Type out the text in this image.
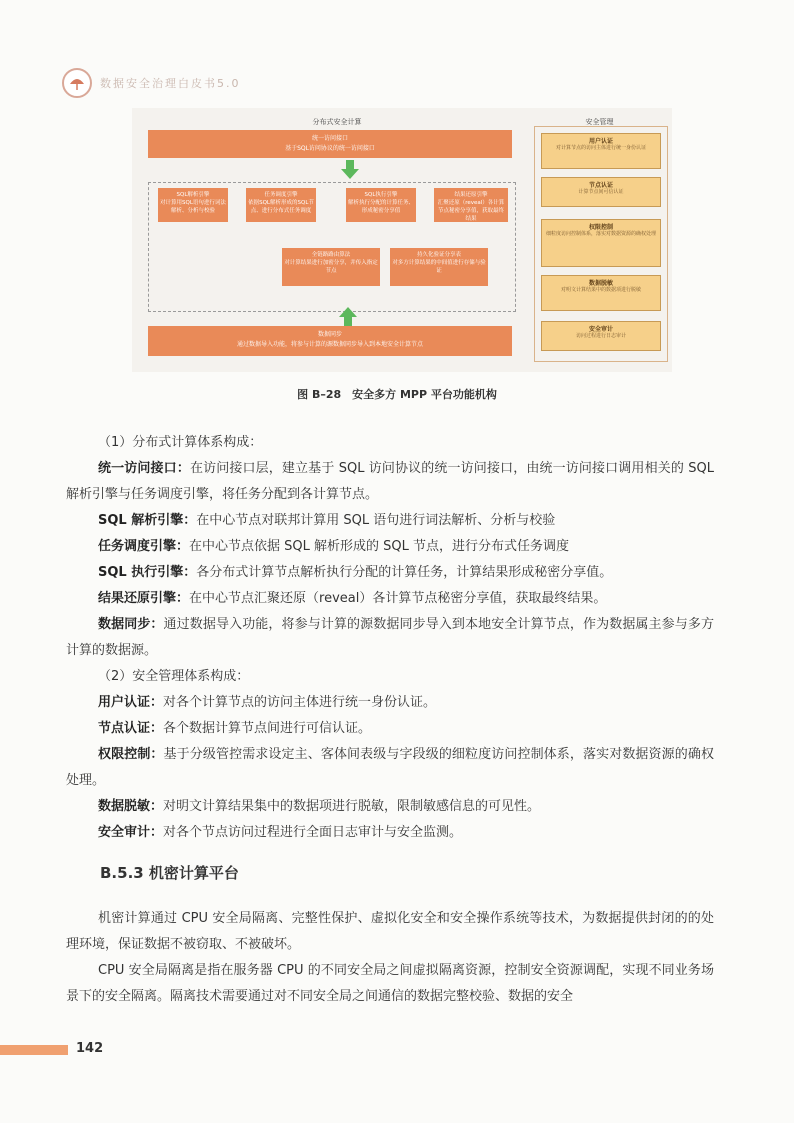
数据安全治理白皮书5.0
分布式安全计算	安全管理
统一访问接口
基于SQL访问协议的统一访问接口
SQL解析引擎
对计算用SQL语句进行词法解析、分析与校验
任务调度引擎
依据SQL解析形成的SQL节点、进行分布式任务调度
SQL执行引擎
解析执行分配的计算任务、形成秘密分享值
结果还原引擎
汇聚还原（reveal）各计算节点秘密分享值，获取最终结果
全链路路由算法
对计算结果进行加密分享，并传入指定节点
持久化验证分享表
对多方计算结果的中间值进行存储与验证
数据同步
通过数据导入功能，将参与计算的源数据同步导入到本地安全计算节点
用户认证
对计算节点的访问主体进行统一身份认证
节点认证
计算节点间可信认证
权限控制
细粒度访问控制体系，落实对数据资源的确权处理
数据脱敏
对明文计算结果中的数据项进行脱敏
安全审计
访问过程进行日志审计
图 B–28　安全多方 MPP 平台功能机构

（1）分布式计算体系构成：

统一访问接口：在访问接口层，建立基于 SQL 访问协议的统一访问接口，由统一访问接口调用相关的 SQL 解析引擎与任务调度引擎，将任务分配到各计算节点。

SQL 解析引擎：在中心节点对联邦计算用 SQL 语句进行词法解析、分析与校验

任务调度引擎：在中心节点依据 SQL 解析形成的 SQL 节点，进行分布式任务调度

SQL 执行引擎：各分布式计算节点解析执行分配的计算任务，计算结果形成秘密分享值。

结果还原引擎：在中心节点汇聚还原（reveal）各计算节点秘密分享值，获取最终结果。

数据同步：通过数据导入功能，将参与计算的源数据同步导入到本地安全计算节点，作为数据属主参与多方计算的数据源。

（2）安全管理体系构成：

用户认证：对各个计算节点的访问主体进行统一身份认证。

节点认证：各个数据计算节点间进行可信认证。

权限控制：基于分级管控需求设定主、客体间表级与字段级的细粒度访问控制体系，落实对数据资源的确权处理。

数据脱敏：对明文计算结果集中的数据项进行脱敏，限制敏感信息的可见性。

安全审计：对各个节点访问过程进行全面日志审计与安全监测。

B.5.3 机密计算平台

机密计算通过 CPU 安全局隔离、完整性保护、虚拟化安全和安全操作系统等技术，为数据提供封闭的的处理环境，保证数据不被窃取、不被破坏。

CPU 安全局隔离是指在服务器 CPU 的不同安全局之间虚拟隔离资源，控制安全资源调配，实现不同业务场景下的安全隔离。隔离技术需要通过对不同安全局之间通信的数据完整校验、数据的安全

142
